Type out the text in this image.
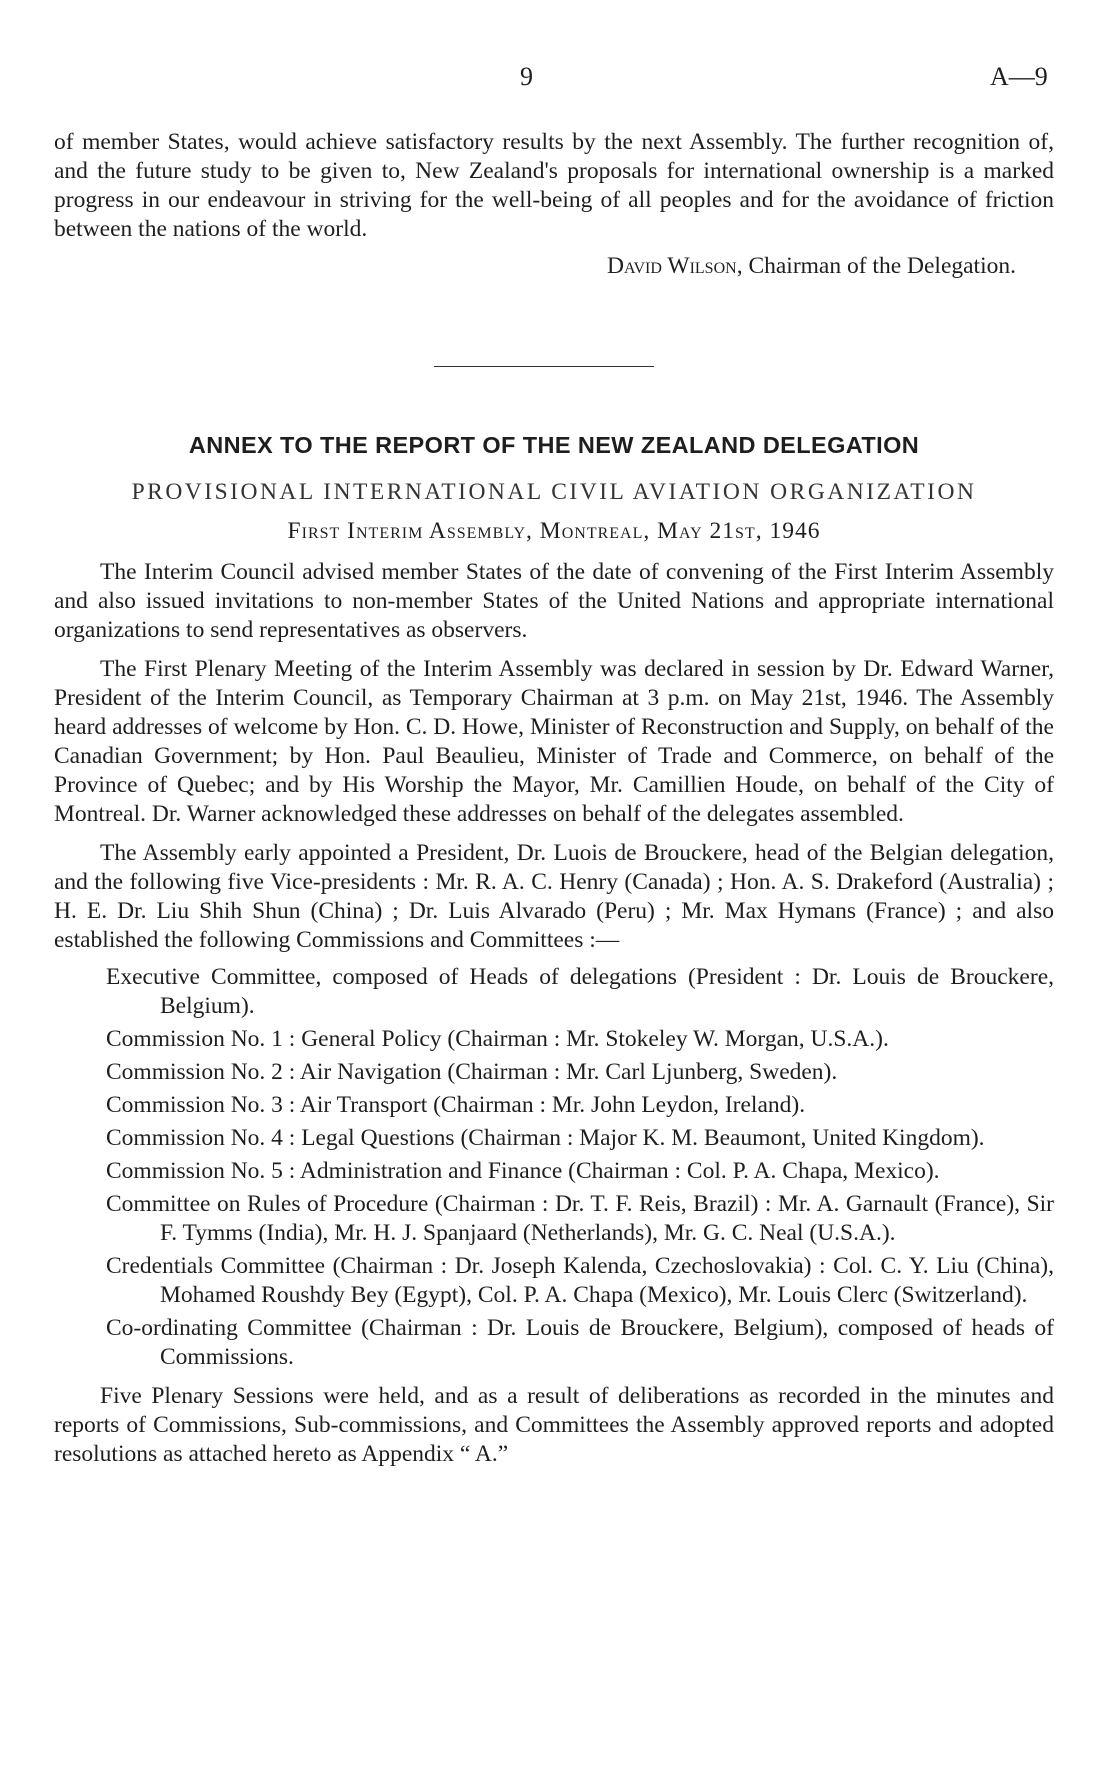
9	A—9

of member States, would achieve satisfactory results by the next Assembly. The further recognition of, and the future study to be given to, New Zealand's proposals for international ownership is a marked progress in our endeavour in striving for the well-being of all peoples and for the avoidance of friction between the nations of the world.

David Wilson, Chairman of the Delegation.
ANNEX TO THE REPORT OF THE NEW ZEALAND DELEGATION
PROVISIONAL INTERNATIONAL CIVIL AVIATION ORGANIZATION
First Interim Assembly, Montreal, May 21st, 1946

The Interim Council advised member States of the date of convening of the First Interim Assembly and also issued invitations to non-member States of the United Nations and appropriate international organizations to send representatives as observers.

The First Plenary Meeting of the Interim Assembly was declared in session by Dr. Edward Warner, President of the Interim Council, as Temporary Chairman at 3 p.m. on May 21st, 1946. The Assembly heard addresses of welcome by Hon. C. D. Howe, Minister of Reconstruction and Supply, on behalf of the Canadian Government; by Hon. Paul Beaulieu, Minister of Trade and Commerce, on behalf of the Province of Quebec; and by His Worship the Mayor, Mr. Camillien Houde, on behalf of the City of Montreal. Dr. Warner acknowledged these addresses on behalf of the delegates assembled.

The Assembly early appointed a President, Dr. Luois de Brouckere, head of the Belgian delegation, and the following five Vice-presidents : Mr. R. A. C. Henry (Canada) ; Hon. A. S. Drakeford (Australia) ; H. E. Dr. Liu Shih Shun (China) ; Dr. Luis Alvarado (Peru) ; Mr. Max Hymans (France) ; and also established the following Commissions and Committees :—

Executive Committee, composed of Heads of delegations (President : Dr. Louis de Brouckere, Belgium).
Commission No. 1 : General Policy (Chairman : Mr. Stokeley W. Morgan, U.S.A.).
Commission No. 2 : Air Navigation (Chairman : Mr. Carl Ljunberg, Sweden).
Commission No. 3 : Air Transport (Chairman : Mr. John Leydon, Ireland).
Commission No. 4 : Legal Questions (Chairman : Major K. M. Beaumont, United Kingdom).
Commission No. 5 : Administration and Finance (Chairman : Col. P. A. Chapa, Mexico).
Committee on Rules of Procedure (Chairman : Dr. T. F. Reis, Brazil) : Mr. A. Garnault (France), Sir F. Tymms (India), Mr. H. J. Spanjaard (Netherlands), Mr. G. C. Neal (U.S.A.).
Credentials Committee (Chairman : Dr. Joseph Kalenda, Czechoslovakia) : Col. C. Y. Liu (China), Mohamed Roushdy Bey (Egypt), Col. P. A. Chapa (Mexico), Mr. Louis Clerc (Switzerland).
Co-ordinating Committee (Chairman : Dr. Louis de Brouckere, Belgium), composed of heads of Commissions.

Five Plenary Sessions were held, and as a result of deliberations as recorded in the minutes and reports of Commissions, Sub-commissions, and Committees the Assembly approved reports and adopted resolutions as attached hereto as Appendix “ A.”
